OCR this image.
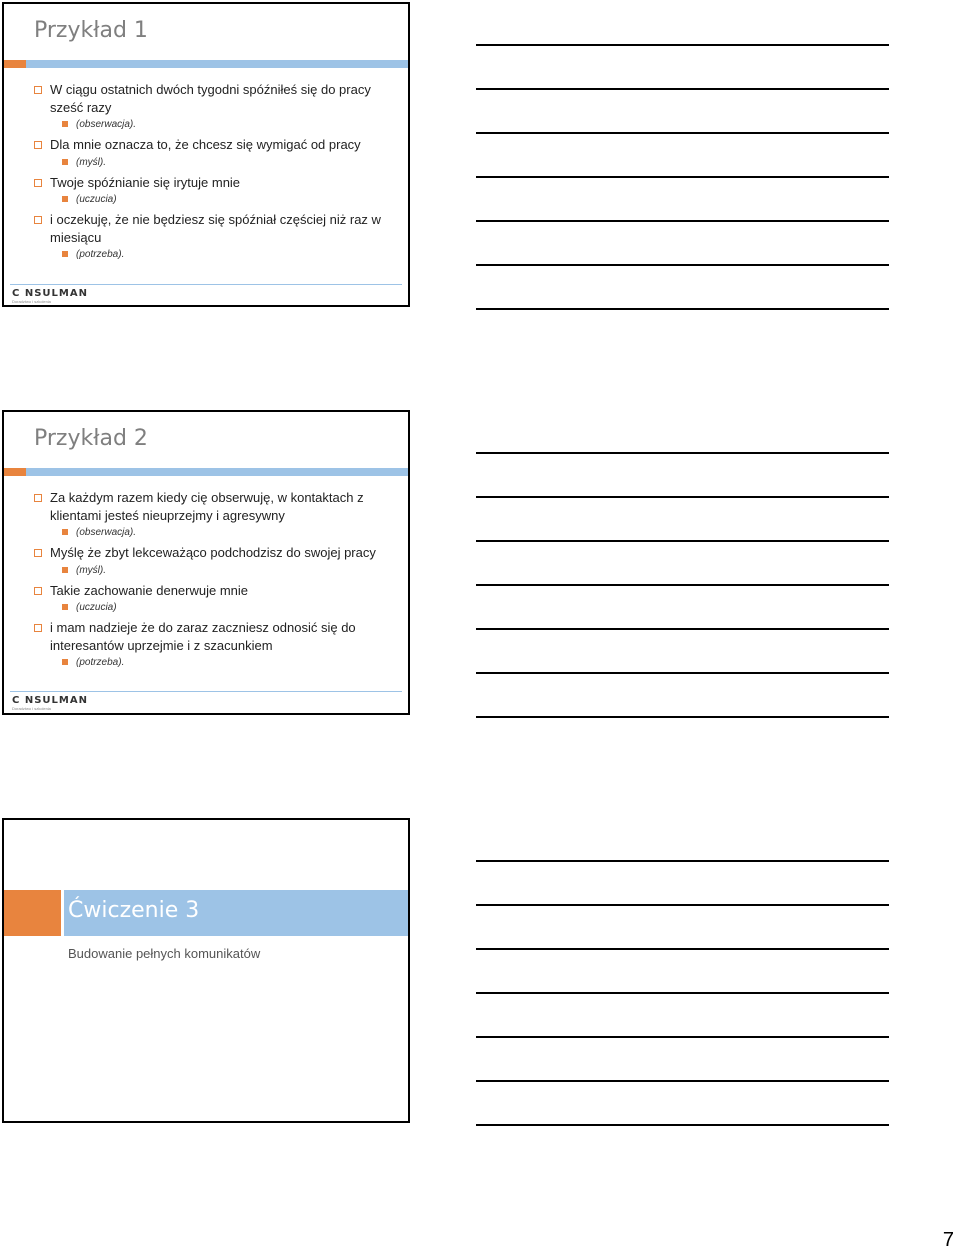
Przykład 1
W ciągu ostatnich dwóch tygodni spóźniłeś się do pracy sześć razy
(obserwacja).
Dla mnie oznacza to, że chcesz się wymigać od pracy
(myśl).
Twoje spóźnianie się irytuje mnie
(uczucia)
i oczekuję, że nie będziesz się spóźniał częściej niż raz w miesiącu
(potrzeba).
C NSULMAN
Doradztwo i szkolenia
Przykład 2
Za każdym razem kiedy cię obserwuję, w kontaktach z klientami jesteś nieuprzejmy i agresywny
(obserwacja).
Myślę że zbyt lekceważąco podchodzisz do swojej pracy
(myśl).
Takie zachowanie denerwuje mnie
(uczucia)
i mam nadzieje że do zaraz zaczniesz odnosić się do interesantów uprzejmie i z szacunkiem
(potrzeba).
C NSULMAN
Doradztwo i szkolenia
Ćwiczenie 3
Budowanie pełnych komunikatów
7
